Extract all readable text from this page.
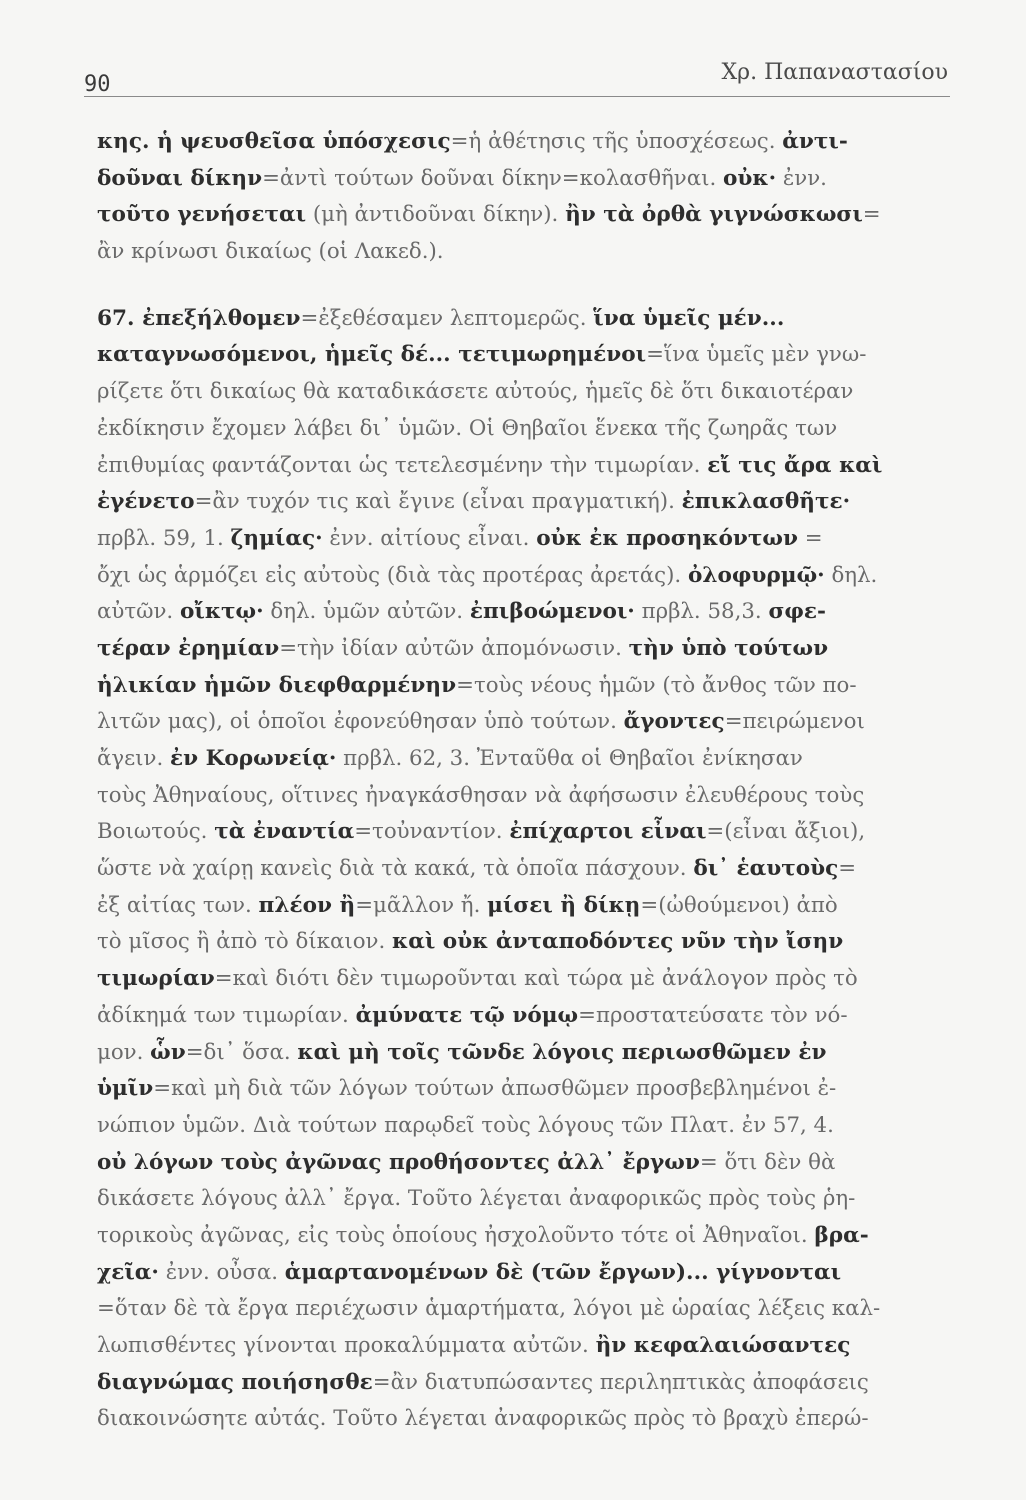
90	Χρ. Παπαναστασίου
κης. ἡ ψευσθεῖσα ὑπόσχεσις=ἡ ἀθέτησις τῆς ὑποσχέσεως. ἀντι-
δοῦναι δίκην=ἀντὶ τούτων δοῦναι δίκην=κολασθῆναι. οὐκ· ἐνν.
τοῦτο γενήσεται (μὴ ἀντιδοῦναι δίκην). ἢν τὰ ὀρθὰ γιγνώσκωσι=
ἂν κρίνωσι δικαίως (οἱ Λακεδ.).
67. ἐπεξήλθομεν=ἐξεθέσαμεν λεπτομερῶς. ἵνα ὑμεῖς μέν...
καταγνωσόμενοι, ἡμεῖς δέ... τετιμωρημένοι=ἵνα ὑμεῖς μὲν γνω-
ρίζετε ὅτι δικαίως θὰ καταδικάσετε αὐτούς, ἡμεῖς δὲ ὅτι δικαιοτέραν
ἐκδίκησιν ἔχομεν λάβει δι᾽ ὑμῶν. Οἱ Θηβαῖοι ἕνεκα τῆς ζωηρᾶς των
ἐπιθυμίας φαντάζονται ὡς τετελεσμένην τὴν τιμωρίαν. εἴ τις ἄρα καὶ
ἐγένετο=ἂν τυχόν τις καὶ ἔγινε (εἶναι πραγματική). ἐπικλασθῆτε·
πρβλ. 59, 1. ζημίας· ἐνν. αἰτίους εἶναι. οὐκ ἐκ προσηκόντων =
ὄχι ὡς ἁρμόζει εἰς αὐτοὺς (διὰ τὰς προτέρας ἀρετάς). ὀλοφυρμῷ· δηλ.
αὐτῶν. οἴκτῳ· δηλ. ὑμῶν αὐτῶν. ἐπιβοώμενοι· πρβλ. 58,3. σφε-
τέραν ἐρημίαν=τὴν ἰδίαν αὐτῶν ἀπομόνωσιν. τὴν ὑπὸ τούτων
ἡλικίαν ἡμῶν διεφθαρμένην=τοὺς νέους ἡμῶν (τὸ ἄνθος τῶν πο-
λιτῶν μας), οἱ ὁποῖοι ἐφονεύθησαν ὑπὸ τούτων. ἄγοντες=πειρώμενοι
ἄγειν. ἐν Κορωνείᾳ· πρβλ. 62, 3. Ἐνταῦθα οἱ Θηβαῖοι ἐνίκησαν
τοὺς Ἀθηναίους, οἵτινες ἠναγκάσθησαν νὰ ἀφήσωσιν ἐλευθέρους τοὺς
Βοιωτούς. τὰ ἐναντία=τοὐναντίον. ἐπίχαρτοι εἶναι=(εἶναι ἄξιοι),
ὥστε νὰ χαίρῃ κανεὶς διὰ τὰ κακά, τὰ ὁποῖα πάσχουν. δι᾽ ἑαυτοὺς=
ἐξ αἰτίας των. πλέον ἢ=μᾶλλον ἤ. μίσει ἢ δίκῃ=(ὠθούμενοι) ἀπὸ
τὸ μῖσος ἢ ἀπὸ τὸ δίκαιον. καὶ οὐκ ἀνταποδόντες νῦν τὴν ἴσην
τιμωρίαν=καὶ διότι δὲν τιμωροῦνται καὶ τώρα μὲ ἀνάλογον πρὸς τὸ
ἀδίκημά των τιμωρίαν. ἀμύνατε τῷ νόμῳ=προστατεύσατε τὸν νό-
μον. ὧν=δι᾽ ὅσα. καὶ μὴ τοῖς τῶνδε λόγοις περιωσθῶμεν ἐν
ὑμῖν=καὶ μὴ διὰ τῶν λόγων τούτων ἀπωσθῶμεν προσβεβλημένοι ἐ-
νώπιον ὑμῶν. Διὰ τούτων παρῳδεῖ τοὺς λόγους τῶν Πλατ. ἐν 57, 4.
οὐ λόγων τοὺς ἀγῶνας προθήσοντες ἀλλ᾽ ἔργων= ὅτι δὲν θὰ
δικάσετε λόγους ἀλλ᾽ ἔργα. Τοῦτο λέγεται ἀναφορικῶς πρὸς τοὺς ῥη-
τορικοὺς ἀγῶνας, εἰς τοὺς ὁποίους ἠσχολοῦντο τότε οἱ Ἀθηναῖοι. βρα-
χεῖα· ἐνν. οὖσα. ἁμαρτανομένων δὲ (τῶν ἔργων)... γίγνονται
=ὅταν δὲ τὰ ἔργα περιέχωσιν ἁμαρτήματα, λόγοι μὲ ὡραίας λέξεις καλ-
λωπισθέντες γίνονται προκαλύμματα αὐτῶν. ἢν κεφαλαιώσαντες
διαγνώμας ποιήσησθε=ἂν διατυπώσαντες περιληπτικὰς ἀποφάσεις
διακοινώσητε αὐτάς. Τοῦτο λέγεται ἀναφορικῶς πρὸς τὸ βραχὺ ἐπερώ-
